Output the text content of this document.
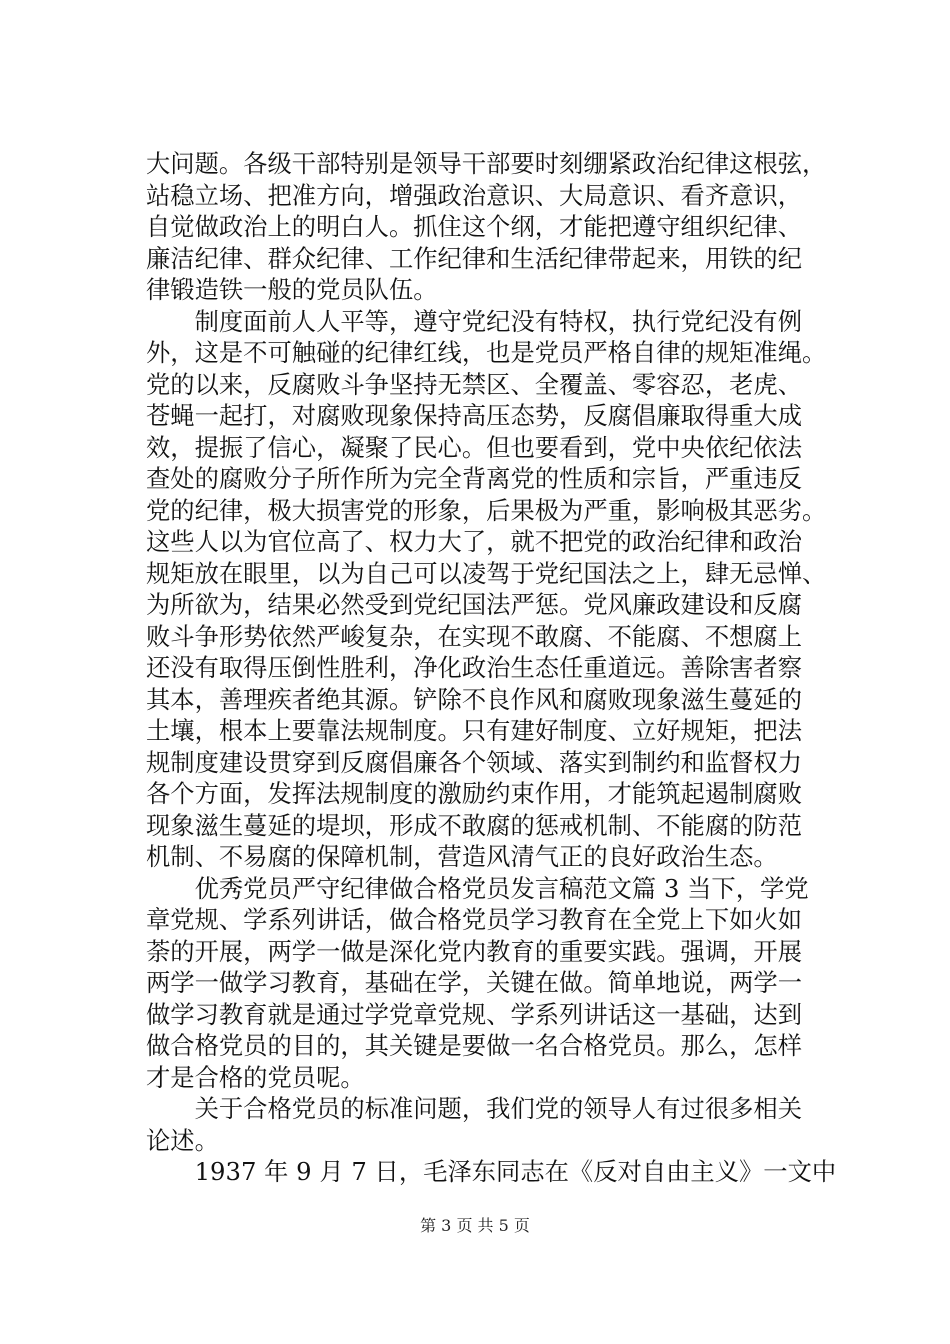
大问题。各级干部特别是领导干部要时刻绷紧政治纪律这根弦，
站稳立场、把准方向，增强政治意识、大局意识、看齐意识，
自觉做政治上的明白人。抓住这个纲，才能把遵守组织纪律、
廉洁纪律、群众纪律、工作纪律和生活纪律带起来，用铁的纪
律锻造铁一般的党员队伍。
　　制度面前人人平等，遵守党纪没有特权，执行党纪没有例
外，这是不可触碰的纪律红线，也是党员严格自律的规矩准绳。
党的以来，反腐败斗争坚持无禁区、全覆盖、零容忍，老虎、
苍蝇一起打，对腐败现象保持高压态势，反腐倡廉取得重大成
效，提振了信心，凝聚了民心。但也要看到，党中央依纪依法
查处的腐败分子所作所为完全背离党的性质和宗旨，严重违反
党的纪律，极大损害党的形象，后果极为严重，影响极其恶劣。
这些人以为官位高了、权力大了，就不把党的政治纪律和政治
规矩放在眼里，以为自己可以凌驾于党纪国法之上，肆无忌惮、
为所欲为，结果必然受到党纪国法严惩。党风廉政建设和反腐
败斗争形势依然严峻复杂，在实现不敢腐、不能腐、不想腐上
还没有取得压倒性胜利，净化政治生态任重道远。善除害者察
其本，善理疾者绝其源。铲除不良作风和腐败现象滋生蔓延的
土壤，根本上要靠法规制度。只有建好制度、立好规矩，把法
规制度建设贯穿到反腐倡廉各个领域、落实到制约和监督权力
各个方面，发挥法规制度的激励约束作用，才能筑起遏制腐败
现象滋生蔓延的堤坝，形成不敢腐的惩戒机制、不能腐的防范
机制、不易腐的保障机制，营造风清气正的良好政治生态。
　　优秀党员严守纪律做合格党员发言稿范文篇 3 当下，学党
章党规、学系列讲话，做合格党员学习教育在全党上下如火如
荼的开展，两学一做是深化党内教育的重要实践。强调，开展
两学一做学习教育，基础在学，关键在做。简单地说，两学一
做学习教育就是通过学党章党规、学系列讲话这一基础，达到
做合格党员的目的，其关键是要做一名合格党员。那么，怎样
才是合格的党员呢。
　　关于合格党员的标准问题，我们党的领导人有过很多相关
论述。
　　1937 年 9 月 7 日，毛泽东同志在《反对自由主义》一文中
第 3 页 共 5 页
